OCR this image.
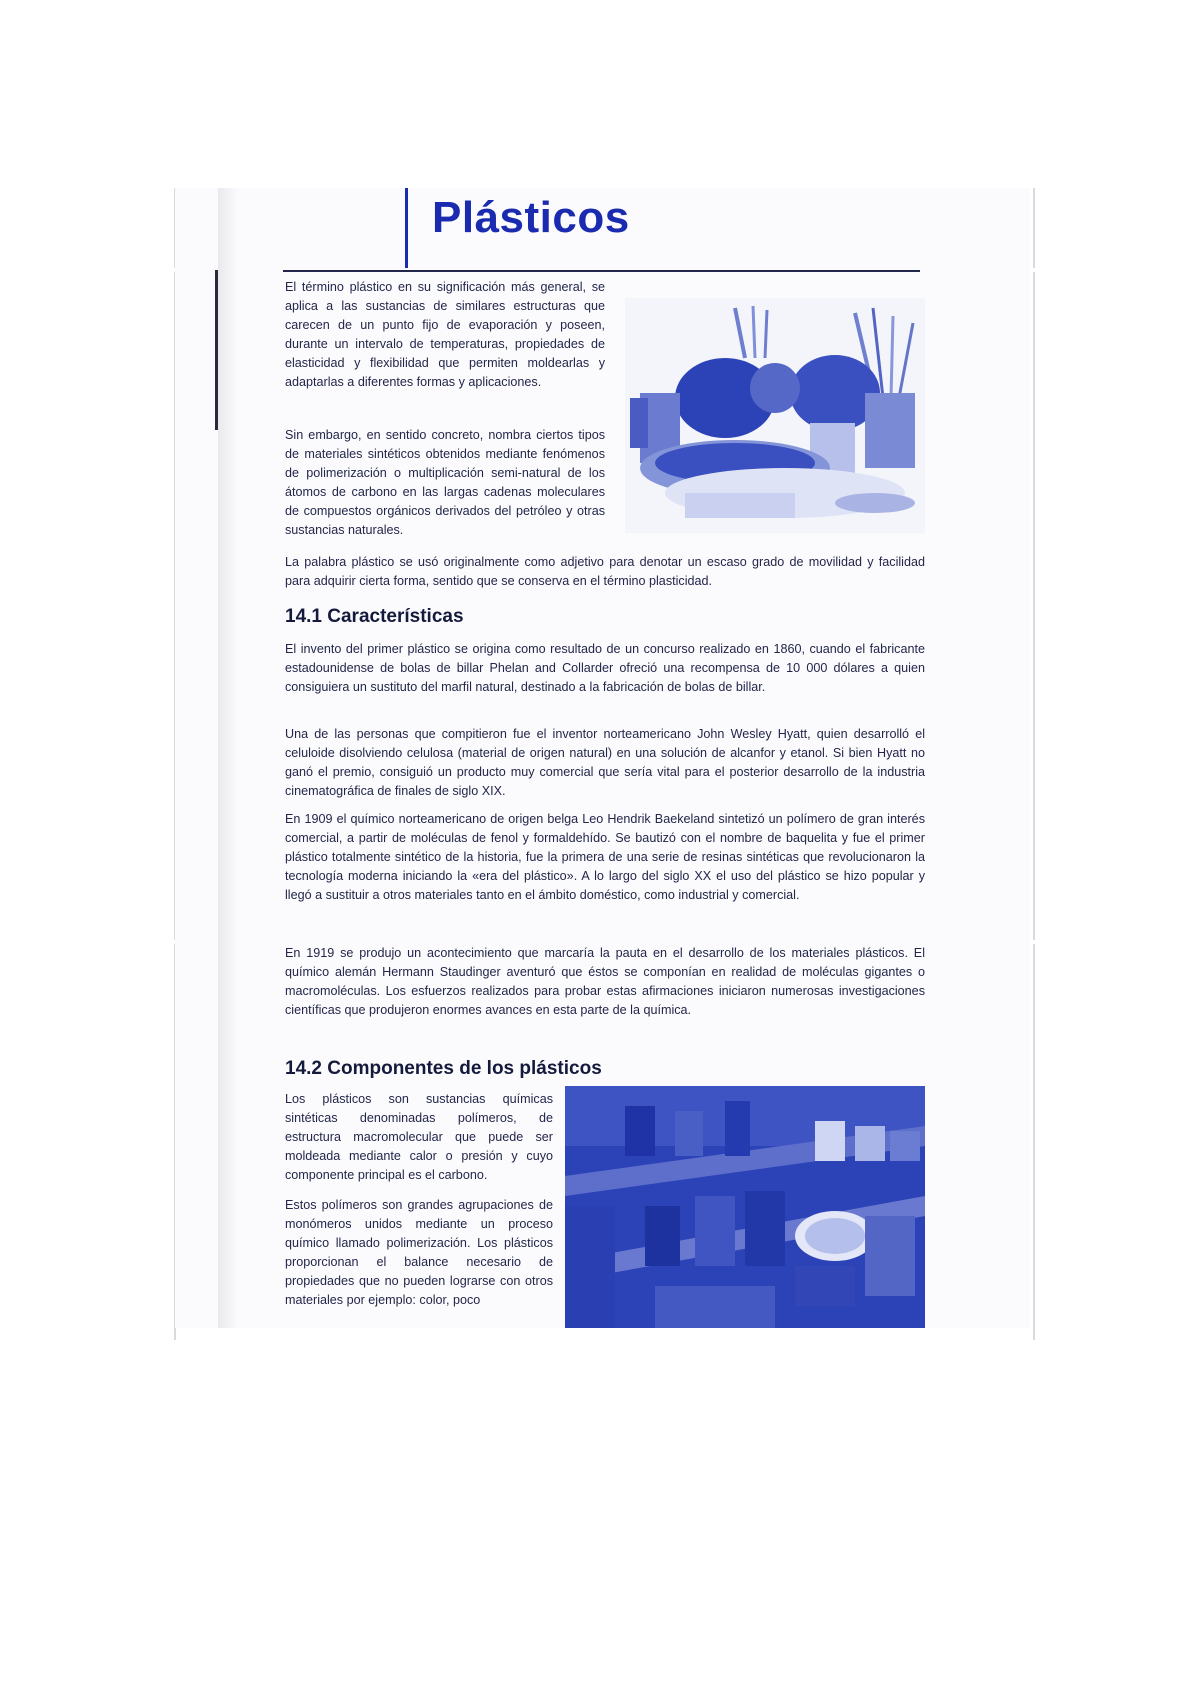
Plásticos

El término plástico en su significación más general, se aplica a las sustancias de similares estructuras que carecen de un punto fijo de evaporación y poseen, durante un intervalo de temperaturas, propiedades de elasticidad y flexibilidad que permiten moldearlas y adaptarlas a diferentes formas y aplicaciones.

Sin embargo, en sentido concreto, nombra ciertos tipos de materiales sintéticos obtenidos mediante fenómenos de polimerización o multiplicación semi-natural de los átomos de carbono en las largas cadenas moleculares de compuestos orgánicos derivados del petróleo y otras sustancias naturales.

La palabra plástico se usó originalmente como adjetivo para denotar un escaso grado de movilidad y facilidad para adquirir cierta forma, sentido que se conserva en el término plasticidad.

14.1 Características

El invento del primer plástico se origina como resultado de un concurso realizado en 1860, cuando el fabricante estadounidense de bolas de billar Phelan and Collarder ofreció una recompensa de 10 000 dólares a quien consiguiera un sustituto del marfil natural, destinado a la fabricación de bolas de billar.

Una de las personas que compitieron fue el inventor norteamericano John Wesley Hyatt, quien desarrolló el celuloide disolviendo celulosa (material de origen natural) en una solución de alcanfor y etanol. Si bien Hyatt no ganó el premio, consiguió un producto muy comercial que sería vital para el posterior desarrollo de la industria cinematográfica de finales de siglo XIX.

En 1909 el químico norteamericano de origen belga Leo Hendrik Baekeland sintetizó un polímero de gran interés comercial, a partir de moléculas de fenol y formaldehído. Se bautizó con el nombre de baquelita y fue el primer plástico totalmente sintético de la historia, fue la primera de una serie de resinas sintéticas que revolucionaron la tecnología moderna iniciando la «era del plástico». A lo largo del siglo XX el uso del plástico se hizo popular y llegó a sustituir a otros materiales tanto en el ámbito doméstico, como industrial y comercial.

En 1919 se produjo un acontecimiento que marcaría la pauta en el desarrollo de los materiales plásticos. El químico alemán Hermann Staudinger aventuró que éstos se componían en realidad de moléculas gigantes o macromoléculas. Los esfuerzos realizados para probar estas afirmaciones iniciaron numerosas investigaciones científicas que produjeron enormes avances en esta parte de la química.

14.2 Componentes de los plásticos

Los plásticos son sustancias químicas sintéticas denominadas polímeros, de estructura macromolecular que puede ser moldeada mediante calor o presión y cuyo componente principal es el carbono.

Estos polímeros son grandes agrupaciones de monómeros unidos mediante un proceso químico llamado polimerización. Los plásticos proporcionan el balance necesario de propiedades que no pueden lograrse con otros materiales por ejemplo: color, poco
